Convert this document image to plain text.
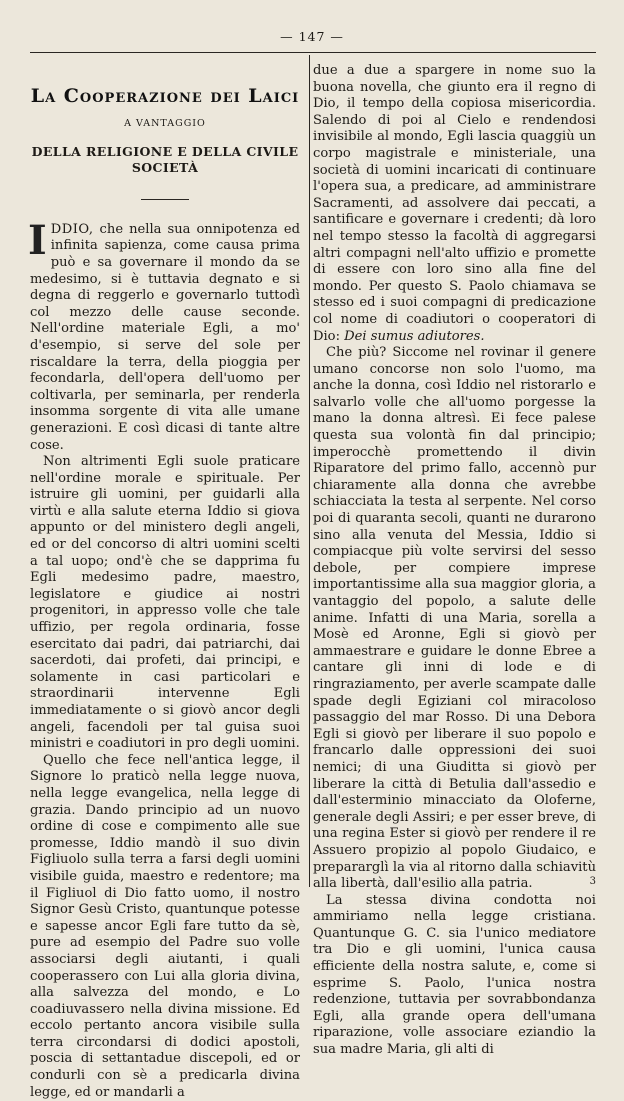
— 147 —
La Cooperazione dei Laici
A VANTAGGIO
DELLA RELIGIONE E DELLA CIVILE SOCIETÀ

IDDIO, che nella sua onnipotenza ed infinita sapienza, come causa prima può e sa governare il mondo da se medesimo, si è tuttavia degnato e si degna di reggerlo e governarlo tuttodì col mezzo delle cause seconde. Nell'ordine materiale Egli, a mo' d'esempio, si serve del sole per riscaldare la terra, della pioggia per fecondarla, dell'opera dell'uomo per coltivarla, per seminarla, per renderla insomma sorgente di vita alle umane generazioni. E così dicasi di tante altre cose.

Non altrimenti Egli suole praticare nell'ordine morale e spirituale. Per istruire gli uomini, per guidarli alla virtù e alla salute eterna Iddio si giova appunto or del ministero degli angeli, ed or del concorso di altri uomini scelti a tal uopo; ond'è che se dapprima fu Egli medesimo padre, maestro, legislatore e giudice ai nostri progenitori, in appresso volle che tale uffizio, per regola ordinaria, fosse esercitato dai padri, dai patriarchi, dai sacerdoti, dai profeti, dai principi, e solamente in casi particolari e straordinarii intervenne Egli immediatamente o si giovò ancor degli angeli, facendoli per tal guisa suoi ministri e coadiutori in pro degli uomini.

Quello che fece nell'antica legge, il Signore lo praticò nella legge nuova, nella legge evangelica, nella legge di grazia. Dando principio ad un nuovo ordine di cose e compimento alle sue promesse, Iddio mandò il suo divin Figliuolo sulla terra a farsi degli uomini visibile guida, maestro e redentore; ma il Figliuol di Dio fatto uomo, il nostro Signor Gesù Cristo, quantunque potesse e sapesse ancor Egli fare tutto da sè, pure ad esempio del Padre suo volle associarsi degli aiutanti, i quali cooperassero con Lui alla gloria divina, alla salvezza del mondo, e Lo coadiuvassero nella divina missione. Ed eccolo pertanto ancora visibile sulla terra circondarsi di dodici apostoli, poscia di settantadue discepoli, ed or condurli con sè a predicarla divina legge, ed or mandarli a

due a due a spargere in nome suo la buona novella, che giunto era il regno di Dio, il tempo della copiosa misericordia. Salendo di poi al Cielo e rendendosi invisibile al mondo, Egli lascia quaggiù un corpo magistrale e ministeriale, una società di uomini incaricati di continuare l'opera sua, a predicare, ad amministrare Sacramenti, ad assolvere dai peccati, a santificare e governare i credenti; dà loro nel tempo stesso la facoltà di aggregarsi altri compagni nell'alto uffizio e promette di essere con loro sino alla fine del mondo. Per questo S. Paolo chiamava se stesso ed i suoi compagni di predicazione col nome di coadiutori o cooperatori di Dio: Dei sumus adiutores.

Che più? Siccome nel rovinar il genere umano concorse non solo l'uomo, ma anche la donna, così Iddio nel ristorarlo e salvarlo volle che all'uomo porgesse la mano la donna altresì. Ei fece palese questa sua volontà fin dal principio; imperocchè promettendo il divin Riparatore del primo fallo, accennò pur chiaramente alla donna che avrebbe schiacciata la testa al serpente. Nel corso poi di quaranta secoli, quanti ne durarono sino alla venuta del Messia, Iddio si compiacque più volte servirsi del sesso debole, per compiere imprese importantissime alla sua maggior gloria, a vantaggio del popolo, a salute delle anime. Infatti di una Maria, sorella a Mosè ed Aronne, Egli si giovò per ammaestrare e guidare le donne Ebree a cantare gli inni di lode e di ringraziamento, per averle scampate dalle spade degli Egiziani col miracoloso passaggio del mar Rosso. Di una Debora Egli si giovò per liberare il suo popolo e francarlo dalle oppressioni dei suoi nemici; di una Giuditta si giovò per liberare la città di Betulia dall'assedio e dall'esterminio minacciato da Oloferne, generale degli Assiri; e per esser breve, di una regina Ester si giovò per rendere il re Assuero propizio al popolo Giudaico, e prepararglì la via al ritorno dalla schiavitù alla libertà, dall'esilio alla patria.

La stessa divina condotta noi ammiriamo nella legge cristiana. Quantunque G. C. sia l'unico mediatore tra Dio e gli uomini, l'unica causa efficiente della nostra salute, e, come si esprime S. Paolo, l'unica nostra redenzione, tuttavia per sovrabbondanza Egli, alla grande opera dell'umana riparazione, volle associare eziandio la sua madre Maria, gli alti di

3
